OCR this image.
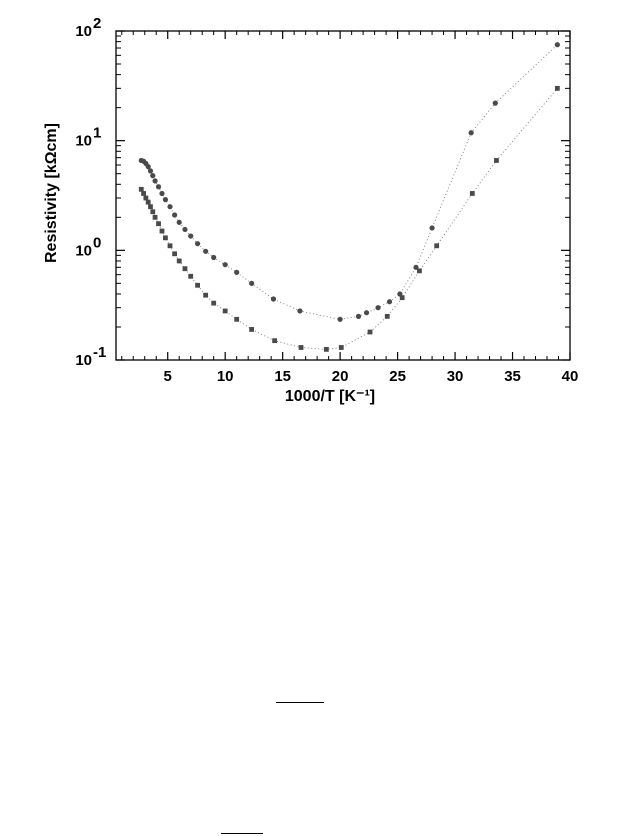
5	10	15	20	25	30	35	40
10 -1
10 0
10 1
10 2
1000/T [K⁻¹]
Resistivity [kΩcm]
